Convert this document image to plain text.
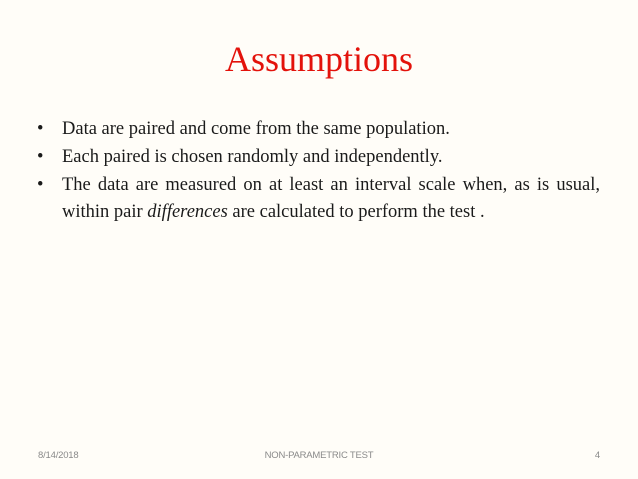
Assumptions
• Data are paired and come from the same population.
• Each paired is chosen randomly and independently.
• The data are measured on at least an interval scale when, as is usual, within pair differences are calculated to perform the test .
8/14/2018	NON-PARAMETRIC TEST	4
